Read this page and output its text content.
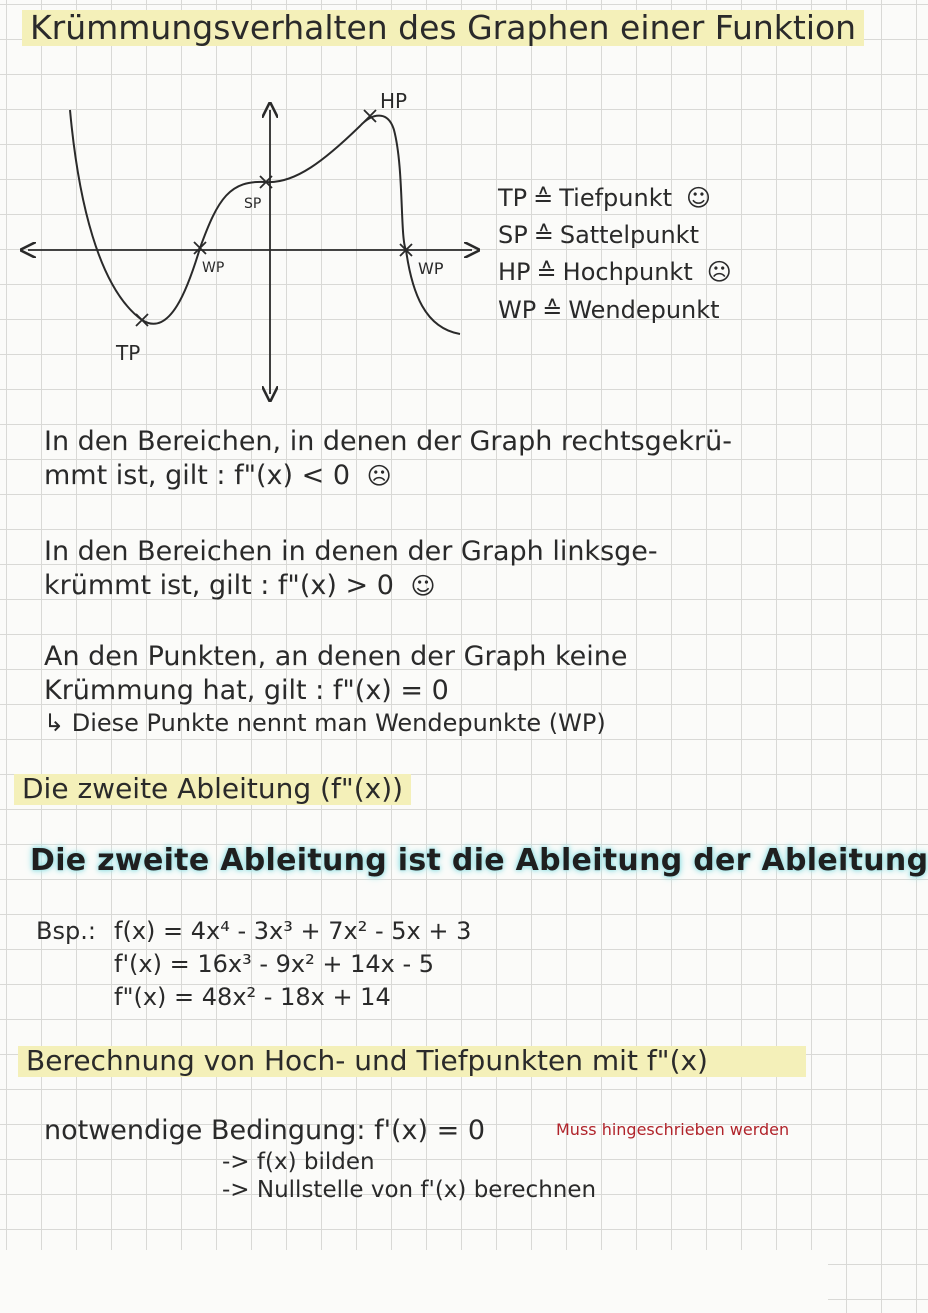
Krümmungsverhalten des Graphen einer Funktion
HP
SP
TP
WP	WP
TP ≙ Tiefpunkt ☺
SP ≙ Sattelpunkt
HP ≙ Hochpunkt ☹
WP ≙ Wendepunkt
In den Bereichen, in denen der Graph rechtsgekrü-
mmt ist, gilt : f"(x) < 0 ☹
In den Bereichen in denen der Graph linksge-
krümmt ist, gilt : f"(x) > 0 ☺
An den Punkten, an denen der Graph keine
Krümmung hat, gilt : f"(x) = 0
↳ Diese Punkte nennt man Wendepunkte (WP)
Die zweite Ableitung (f"(x))
Die zweite Ableitung ist die Ableitung der Ableitung
Bsp.: f(x) = 4x⁴ - 3x³ + 7x² - 5x + 3
f'(x) = 16x³ - 9x² + 14x - 5
f"(x) = 48x² - 18x + 14
Berechnung von Hoch- und Tiefpunkten mit f"(x)
notwendige Bedingung: f'(x) = 0
-> f(x) bilden
-> Nullstelle von f'(x) berechnen
Muss hingeschrieben werden
